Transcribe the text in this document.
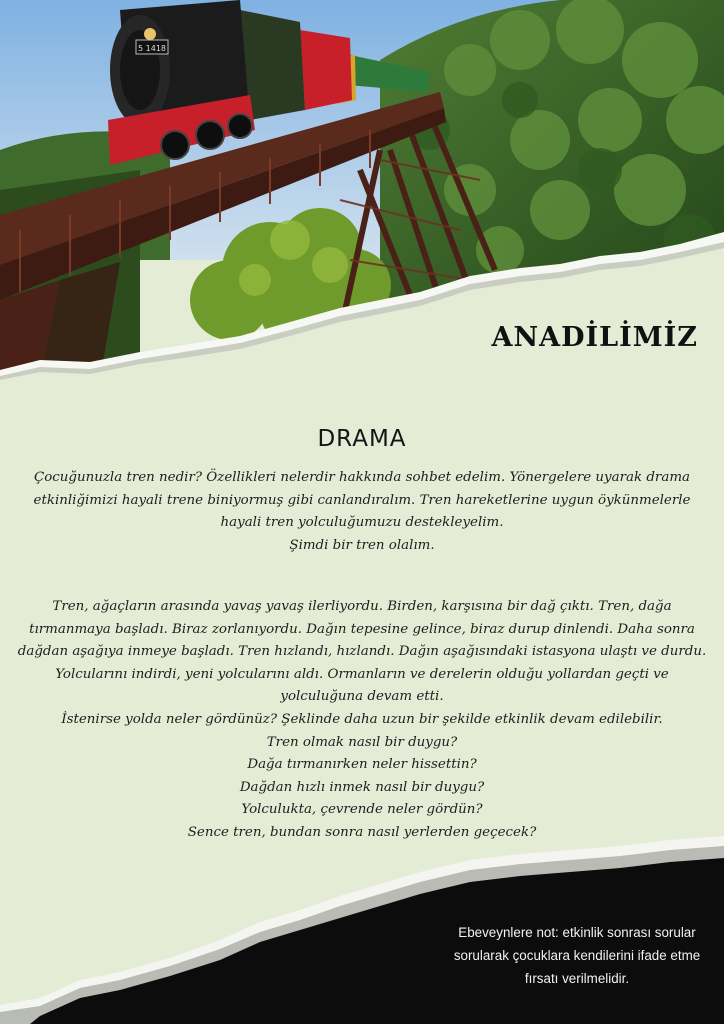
5 1418
ANADİLİMİZ
DRAMA

Çocuğunuzla tren nedir? Özellikleri nelerdir hakkında sohbet edelim. Yönergelere uyarak drama etkinliğimizi hayali trene biniyormuş gibi canlandıralım. Tren hareketlerine uygun öykünmelerle hayali tren yolculuğumuzu destekleyelim.

Şimdi bir tren olalım.

Tren, ağaçların arasında yavaş yavaş ilerliyordu. Birden, karşısına bir dağ çıktı. Tren, dağa tırmanmaya başladı. Biraz zorlanıyordu. Dağın tepesine gelince, biraz durup dinlendi. Daha sonra dağdan aşağıya inmeye başladı. Tren hızlandı, hızlandı. Dağın aşağısındaki istasyona ulaştı ve durdu. Yolcularını indirdi, yeni yolcularını aldı. Ormanların ve derelerin olduğu yollardan geçti ve yolculuğuna devam etti.

İstenirse yolda neler gördünüz? Şeklinde daha uzun bir şekilde etkinlik devam edilebilir.

Tren olmak nasıl bir duygu?

Dağa tırmanırken neler hissettin?

Dağdan hızlı inmek nasıl bir duygu?

Yolculukta, çevrende neler gördün?

Sence tren, bundan sonra nasıl yerlerden geçecek?

Ebeveynlere not: etkinlik sonrası sorular sorularak çocuklara kendilerini ifade etme fırsatı verilmelidir.
